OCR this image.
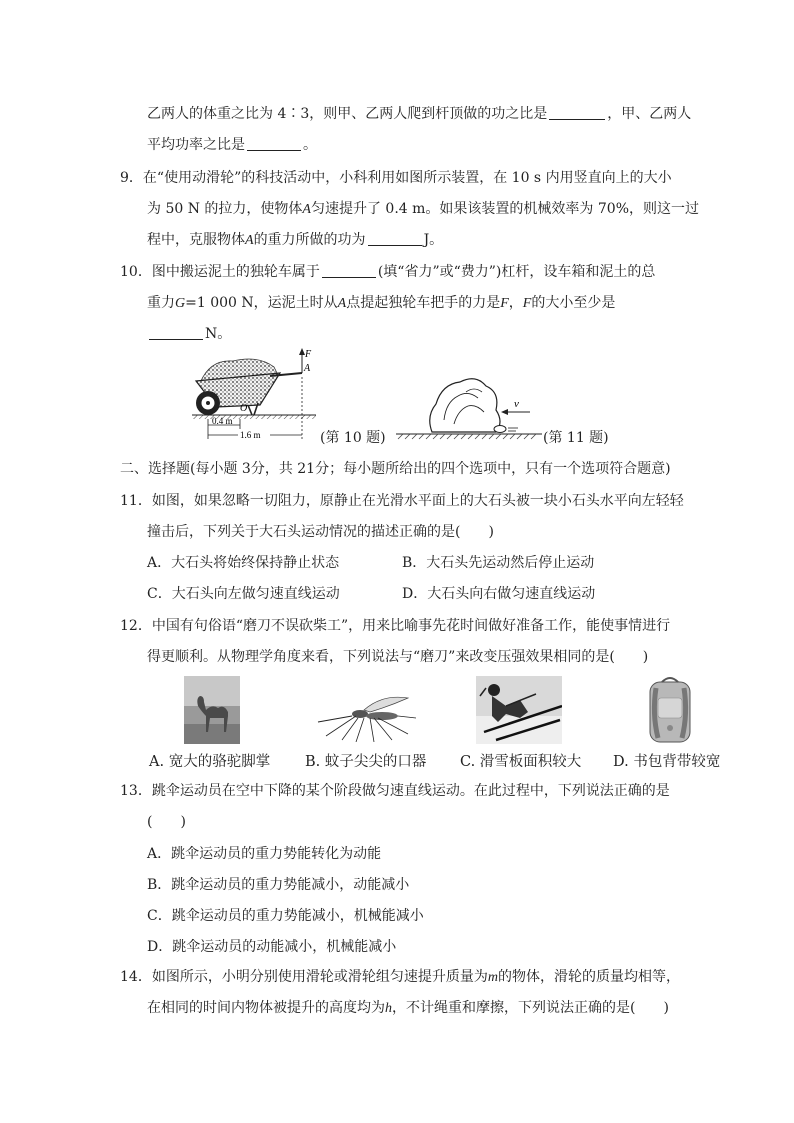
乙两人的体重之比为 4∶3，则甲、乙两人爬到杆顶做的功之比是	，甲、乙两人
平均功率之比是	。
9．在“使用动滑轮”的科技活动中，小科利用如图所示装置，在 10 s 内用竖直向上的大小
为 50 N 的拉力，使物体A匀速提升了 0.4 m。如果该装置的机械效率为 70%，则这一过
程中，克服物体A的重力所做的功为	J。
10．图中搬运泥土的独轮车属于	(填“省力”或“费力”)杠杆，设车箱和泥土的总
重力G=1 000 N，运泥土时从A点提起独轮车把手的力是F，F的大小至少是
N。
F
A
O
0.4 m
1.6 m	(第 10 题)
v
(第 11 题)
二、选择题(每小题 3分，共 21分；每小题所给出的四个选项中，只有一个选项符合题意)
11．如图，如果忽略一切阻力，原静止在光滑水平面上的大石头被一块小石头水平向左轻轻
撞击后，下列关于大石头运动情况的描述正确的是(　　)
A．大石头将始终保持静止状态	B．大石头先运动然后停止运动
C．大石头向左做匀速直线运动	D．大石头向右做匀速直线运动
12．中国有句俗语“磨刀不误砍柴工”，用来比喻事先花时间做好准备工作，能使事情进行
得更顺利。从物理学角度来看，下列说法与“磨刀”来改变压强效果相同的是(　　)
A. 宽大的骆驼脚掌 B. 蚊子尖尖的口器 C. 滑雪板面积较大 D. 书包背带较宽
13．跳伞运动员在空中下降的某个阶段做匀速直线运动。在此过程中，下列说法正确的是
(　　)
A．跳伞运动员的重力势能转化为动能
B．跳伞运动员的重力势能减小，动能减小
C．跳伞运动员的重力势能减小，机械能减小
D．跳伞运动员的动能减小，机械能减小
14．如图所示，小明分别使用滑轮或滑轮组匀速提升质量为m的物体，滑轮的质量均相等，
在相同的时间内物体被提升的高度均为h，不计绳重和摩擦，下列说法正确的是(　　)
